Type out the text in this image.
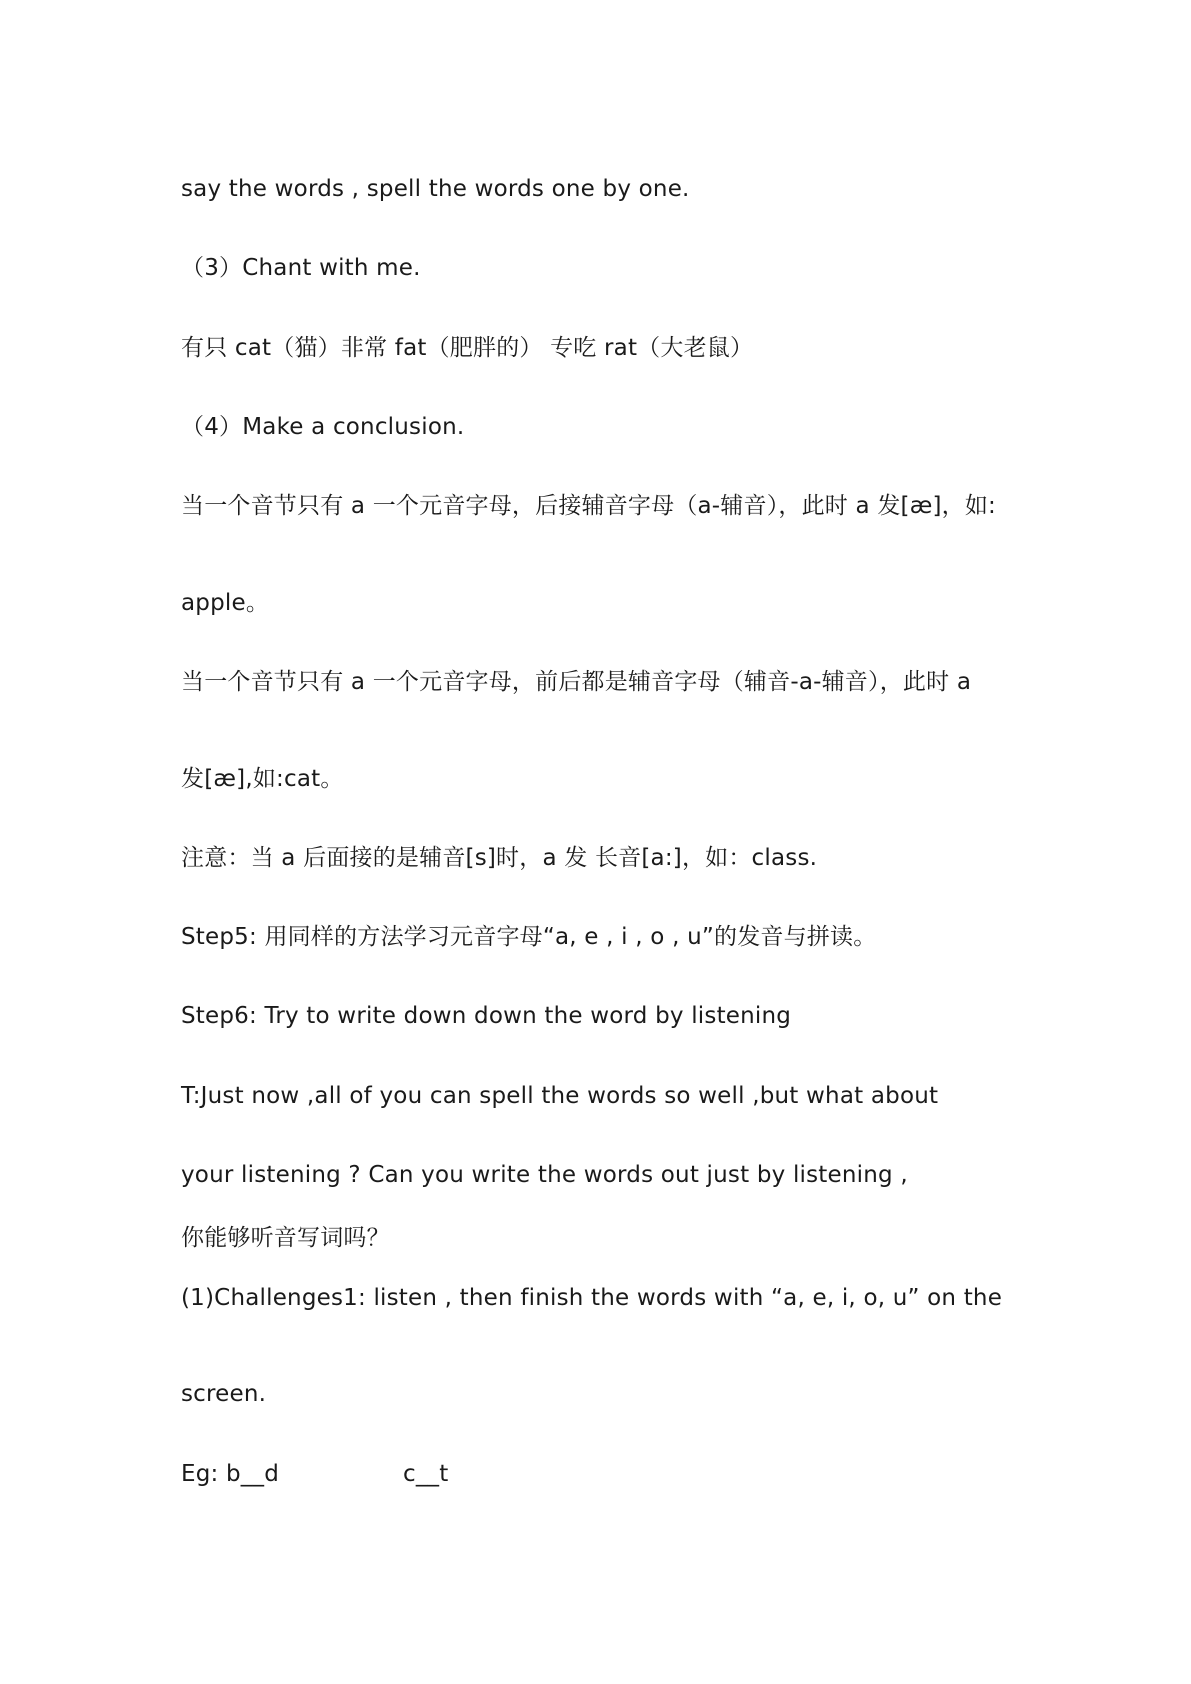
say the words , spell the words one by one.
（3）Chant with me.
有只 cat（猫）非常 fat（肥胖的） 专吃 rat（大老鼠）
（4）Make a conclusion.
当一个音节只有 a 一个元音字母，后接辅音字母（a-辅音），此时 a 发[æ]，如:
apple。
当一个音节只有 a 一个元音字母，前后都是辅音字母（辅音-a-辅音），此时 a
发[æ],如:cat。
注意：当 a 后面接的是辅音[s]时，a 发 长音[a:]，如：class.
Step5: 用同样的方法学习元音字母“a, e , i , o , u”的发音与拼读。
Step6: Try to write down down the word by listening
T:Just now ,all of you can spell the words so well ,but what about
your listening ? Can you write the words out just by listening ,
你能够听音写词吗？
(1)Challenges1: listen , then finish the words with “a, e, i, o, u” on the
screen.
Eg: b__d	c__t
